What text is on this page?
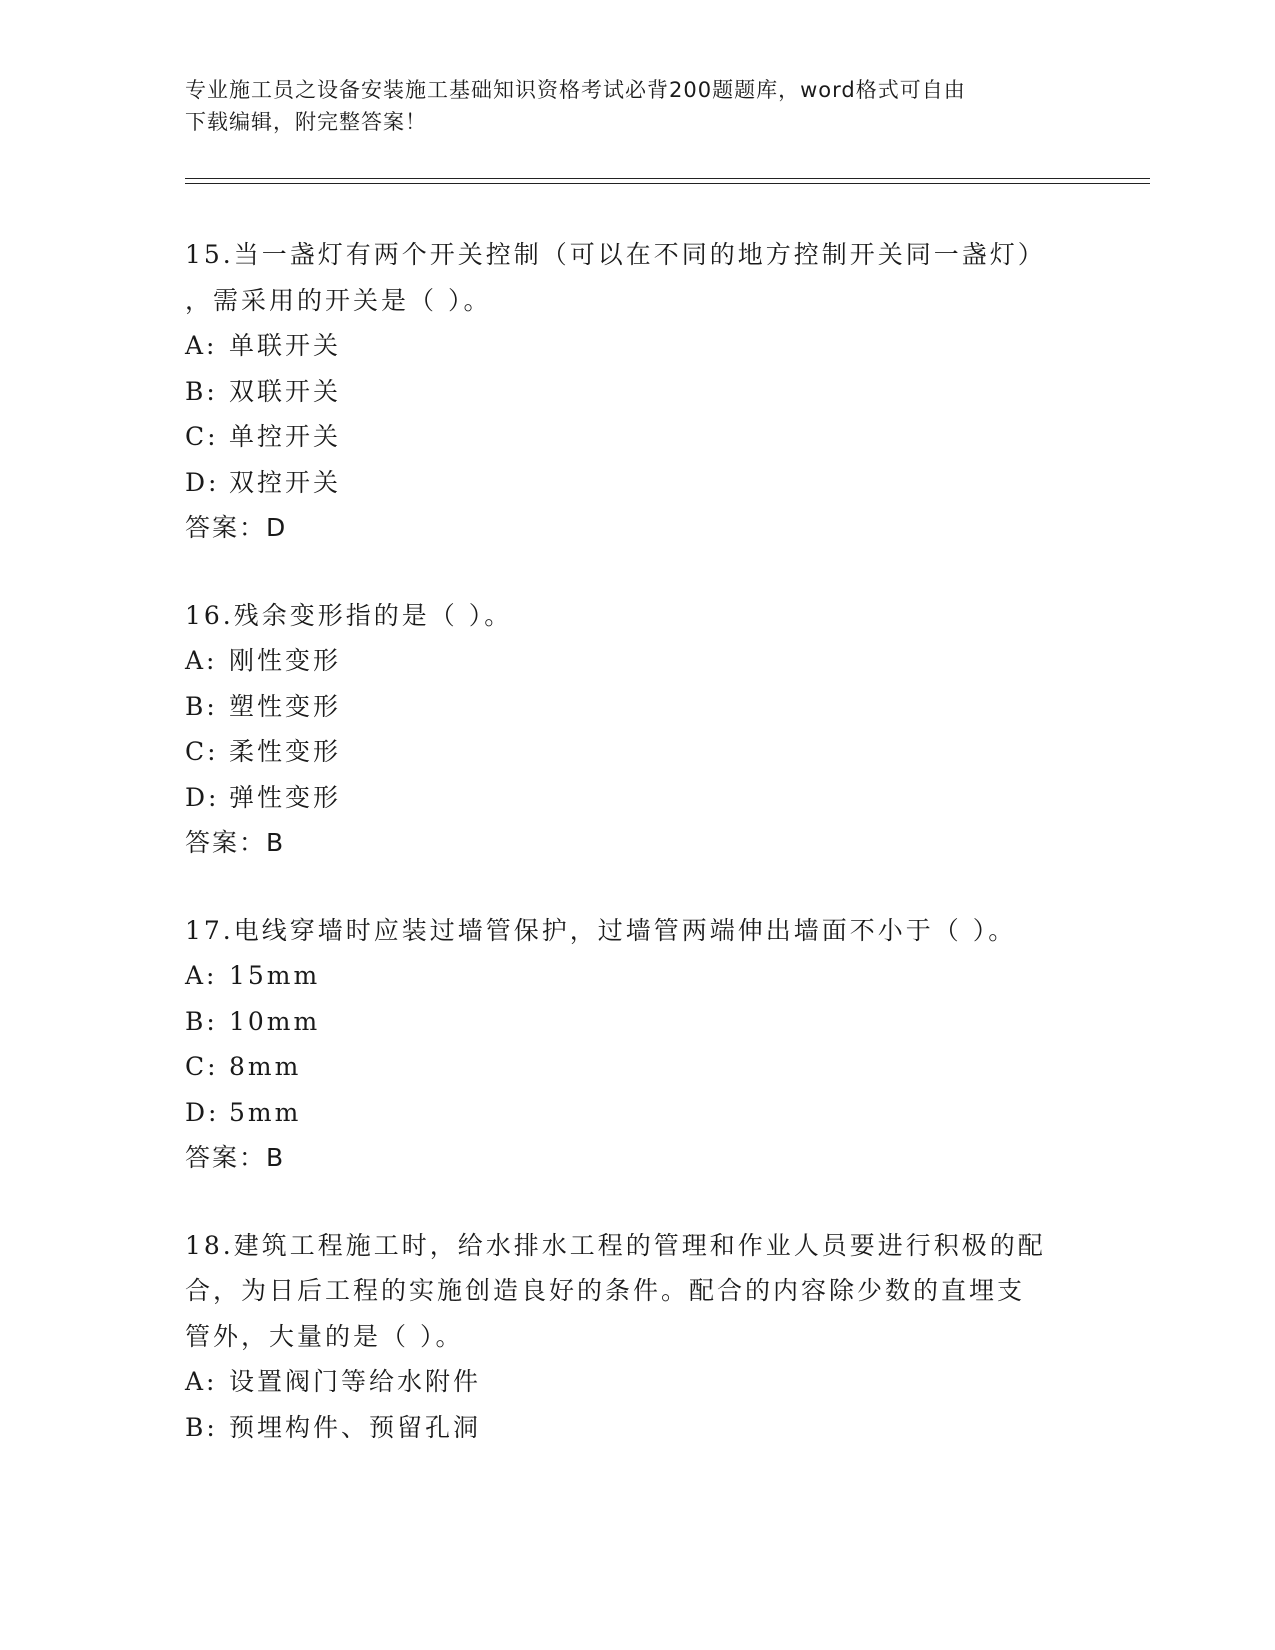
专业施工员之设备安装施工基础知识资格考试必背200题题库，word格式可自由
下载编辑，附完整答案！
15.当一盏灯有两个开关控制（可以在不同的地方控制开关同一盏灯）
，需采用的开关是（ ）。
A: 单联开关
B: 双联开关
C: 单控开关
D: 双控开关
答案：D
16.残余变形指的是（ ）。
A: 刚性变形
B: 塑性变形
C: 柔性变形
D: 弹性变形
答案：B
17.电线穿墙时应装过墙管保护，过墙管两端伸出墙面不小于（ ）。
A: 15mm
B: 10mm
C: 8mm
D: 5mm
答案：B
18.建筑工程施工时，给水排水工程的管理和作业人员要进行积极的配
合，为日后工程的实施创造良好的条件。配合的内容除少数的直埋支
管外，大量的是（ ）。
A: 设置阀门等给水附件
B: 预埋构件、预留孔洞
